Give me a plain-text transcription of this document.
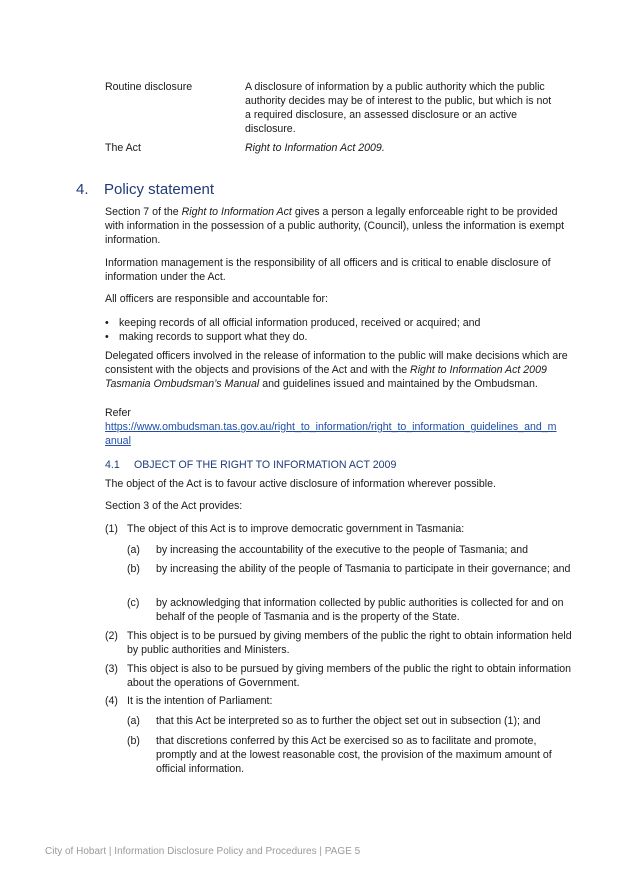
Routine disclosure	A disclosure of information by a public authority which the public authority decides may be of interest to the public, but which is not a required disclosure, an assessed disclosure or an active disclosure.
The Act	Right to Information Act 2009.
4. Policy statement
Section 7 of the Right to Information Act gives a person a legally enforceable right to be provided with information in the possession of a public authority, (Council), unless the information is exempt information.
Information management is the responsibility of all officers and is critical to enable disclosure of information under the Act.
All officers are responsible and accountable for:
• keeping records of all official information produced, received or acquired; and
• making records to support what they do.
Delegated officers involved in the release of information to the public will make decisions which are consistent with the objects and provisions of the Act and with the Right to Information Act 2009 Tasmania Ombudsman’s Manual and guidelines issued and maintained by the Ombudsman.
Refer
https://www.ombudsman.tas.gov.au/right_to_information/right_to_information_guidelines_and_manual
4.1 OBJECT OF THE RIGHT TO INFORMATION ACT 2009
The object of the Act is to favour active disclosure of information wherever possible.
Section 3 of the Act provides:
(1) The object of this Act is to improve democratic government in Tasmania:
(a)	by increasing the accountability of the executive to the people of Tasmania; and
(b)	by increasing the ability of the people of Tasmania to participate in their governance; and
(c)	by acknowledging that information collected by public authorities is collected for and on behalf of the people of Tasmania and is the property of the State.
(2) This object is to be pursued by giving members of the public the right to obtain information held by public authorities and Ministers.
(3) This object is also to be pursued by giving members of the public the right to obtain information about the operations of Government.
(4) It is the intention of Parliament:
(a)	that this Act be interpreted so as to further the object set out in subsection (1); and
(b)	that discretions conferred by this Act be exercised so as to facilitate and promote, promptly and at the lowest reasonable cost, the provision of the maximum amount of official information.
City of Hobart | Information Disclosure Policy and Procedures | PAGE 5
